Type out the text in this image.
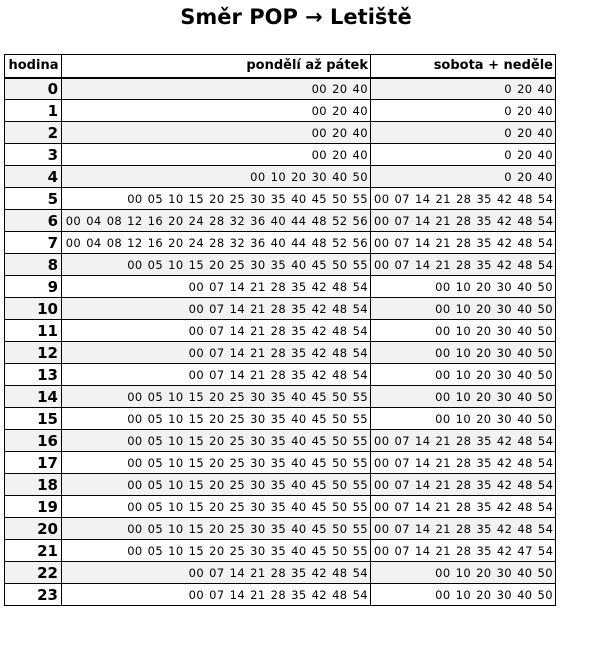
Směr POP → Letiště
hodina	pondělí až pátek	sobota + neděle
0	00 20 40	0 20 40
1	00 20 40	0 20 40
2	00 20 40	0 20 40
3	00 20 40	0 20 40
4	00 10 20 30 40 50	0 20 40
5	00 05 10 15 20 25 30 35 40 45 50 55	00 07 14 21 28 35 42 48 54
6	00 04 08 12 16 20 24 28 32 36 40 44 48 52 56	00 07 14 21 28 35 42 48 54
7	00 04 08 12 16 20 24 28 32 36 40 44 48 52 56	00 07 14 21 28 35 42 48 54
8	00 05 10 15 20 25 30 35 40 45 50 55	00 07 14 21 28 35 42 48 54
9	00 07 14 21 28 35 42 48 54	00 10 20 30 40 50
10	00 07 14 21 28 35 42 48 54	00 10 20 30 40 50
11	00 07 14 21 28 35 42 48 54	00 10 20 30 40 50
12	00 07 14 21 28 35 42 48 54	00 10 20 30 40 50
13	00 07 14 21 28 35 42 48 54	00 10 20 30 40 50
14	00 05 10 15 20 25 30 35 40 45 50 55	00 10 20 30 40 50
15	00 05 10 15 20 25 30 35 40 45 50 55	00 10 20 30 40 50
16	00 05 10 15 20 25 30 35 40 45 50 55	00 07 14 21 28 35 42 48 54
17	00 05 10 15 20 25 30 35 40 45 50 55	00 07 14 21 28 35 42 48 54
18	00 05 10 15 20 25 30 35 40 45 50 55	00 07 14 21 28 35 42 48 54
19	00 05 10 15 20 25 30 35 40 45 50 55	00 07 14 21 28 35 42 48 54
20	00 05 10 15 20 25 30 35 40 45 50 55	00 07 14 21 28 35 42 48 54
21	00 05 10 15 20 25 30 35 40 45 50 55	00 07 14 21 28 35 42 47 54
22	00 07 14 21 28 35 42 48 54	00 10 20 30 40 50
23	00 07 14 21 28 35 42 48 54	00 10 20 30 40 50
